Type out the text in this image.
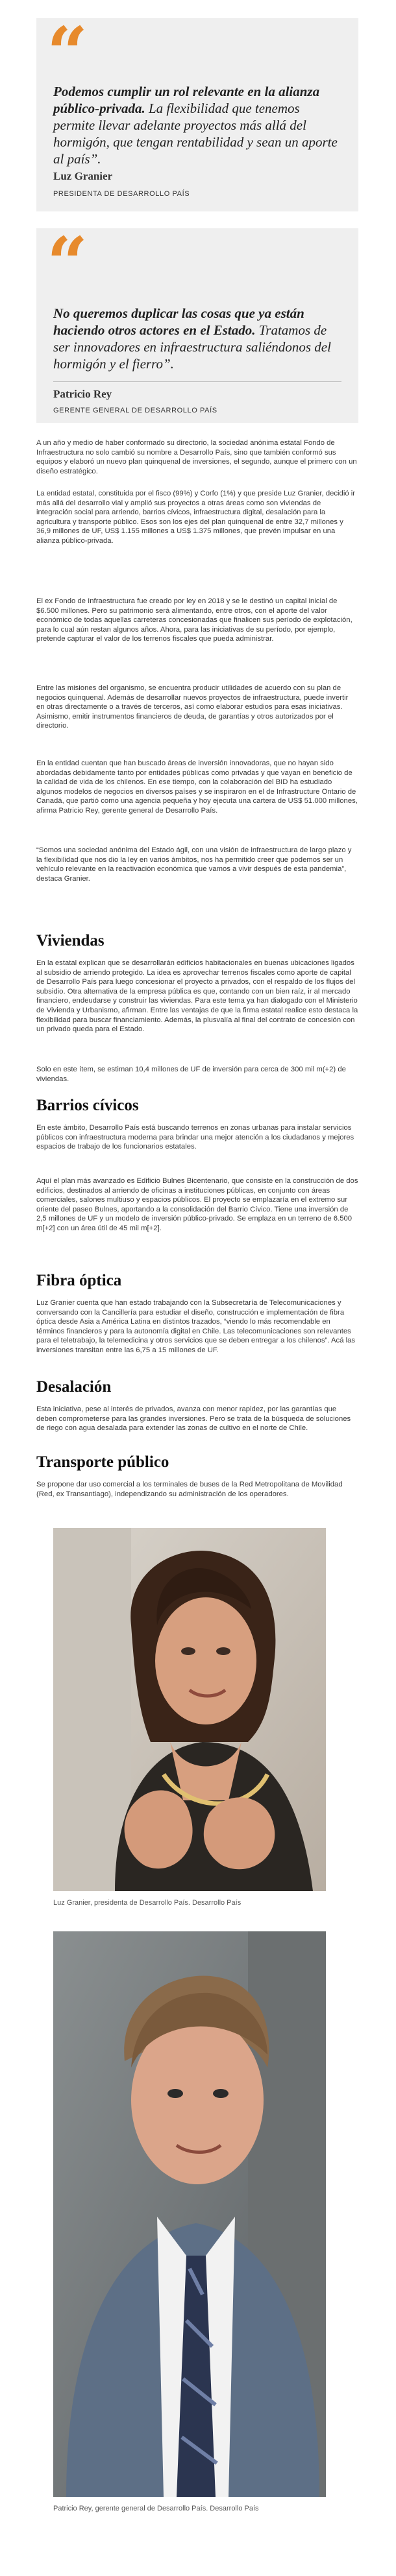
“

Podemos cumplir un rol relevante en la alianza público-privada. La flexibilidad que tenemos permite llevar adelante proyectos más allá del hormigón, que tengan rentabilidad y sean un aporte al país”.

Luz Granier

PRESIDENTA DE DESARROLLO PAÍS

“

No queremos duplicar las cosas que ya están haciendo otros actores en el Estado. Tratamos de ser innovadores en infraestructura saliéndonos del hormigón y el fierro”.

Patricio Rey

GERENTE GENERAL DE DESARROLLO PAÍS

A un año y medio de haber conformado su directorio, la sociedad anónima estatal Fondo de Infraestructura no solo cambió su nombre a Desarrollo País, sino que también conformó sus equipos y elaboró un nuevo plan quinquenal de inversiones, el segundo, aunque el primero con un diseño estratégico.

La entidad estatal, constituida por el fisco (99%) y Corfo (1%) y que preside Luz Granier, decidió ir más allá del desarrollo vial y amplió sus proyectos a otras áreas como son viviendas de integración social para arriendo, barrios cívicos, infraestructura digital, desalación para la agricultura y transporte público. Esos son los ejes del plan quinquenal de entre 32,7 millones y 36,9 millones de UF, US$ 1.155 millones a US$ 1.375 millones, que prevén impulsar en una alianza público-privada.

El ex Fondo de Infraestructura fue creado por ley en 2018 y se le destinó un capital inicial de $6.500 millones. Pero su patrimonio será alimentando, entre otros, con el aporte del valor económico de todas aquellas carreteras concesionadas que finalicen sus período de explotación, para lo cual aún restan algunos años. Ahora, para las iniciativas de su período, por ejemplo, pretende capturar el valor de los terrenos fiscales que pueda administrar.

Entre las misiones del organismo, se encuentra producir utilidades de acuerdo con su plan de negocios quinquenal. Además de desarrollar nuevos proyectos de infraestructura, puede invertir en otras directamente o a través de terceros, así como elaborar estudios para esas iniciativas. Asimismo, emitir instrumentos financieros de deuda, de garantías y otros autorizados por el directorio.

En la entidad cuentan que han buscado áreas de inversión innovadoras, que no hayan sido abordadas debidamente tanto por entidades públicas como privadas y que vayan en beneficio de la calidad de vida de los chilenos. En ese tiempo, con la colaboración del BID ha estudiado algunos modelos de negocios en diversos países y se inspiraron en el de Infrastructure Ontario de Canadá, que partió como una agencia pequeña y hoy ejecuta una cartera de US$ 51.000 millones, afirma Patricio Rey, gerente general de Desarrollo País.

“Somos una sociedad anónima del Estado ágil, con una visión de infraestructura de largo plazo y la flexibilidad que nos dio la ley en varios ámbitos, nos ha permitido creer que podemos ser un vehículo relevante en la reactivación económica que vamos a vivir después de esta pandemia”, destaca Granier.

Viviendas

En la estatal explican que se desarrollarán edificios habitacionales en buenas ubicaciones ligados al subsidio de arriendo protegido. La idea es aprovechar terrenos fiscales como aporte de capital de Desarrollo País para luego concesionar el proyecto a privados, con el respaldo de los flujos del subsidio. Otra alternativa de la empresa pública es que, contando con un bien raíz, ir al mercado financiero, endeudarse y construir las viviendas. Para este tema ya han dialogado con el Ministerio de Vivienda y Urbanismo, afirman. Entre las ventajas de que la firma estatal realice esto destaca la flexibilidad para buscar financiamiento. Además, la plusvalía al final del contrato de concesión con un privado queda para el Estado.

Solo en este ítem, se estiman 10,4 millones de UF de inversión para cerca de 300 mil m(+2) de viviendas.

Barrios cívicos

En este ámbito, Desarrollo País está buscando terrenos en zonas urbanas para instalar servicios públicos con infraestructura moderna para brindar una mejor atención a los ciudadanos y mejores espacios de trabajo de los funcionarios estatales.

Aquí el plan más avanzado es Edificio Bulnes Bicentenario, que consiste en la construcción de dos edificios, destinados al arriendo de oficinas a instituciones públicas, en conjunto con áreas comerciales, salones multiuso y espacios públicos. El proyecto se emplazaría en el extremo sur oriente del paseo Bulnes, aportando a la consolidación del Barrio Cívico. Tiene una inversión de 2,5 millones de UF y un modelo de inversión público-privado. Se emplaza en un terreno de 6.500 m[+2] con un área útil de 45 mil m[+2].

Fibra óptica

Luz Granier cuenta que han estado trabajando con la Subsecretaría de Telecomunicaciones y conversando con la Cancillería para estudiar el diseño, construcción e implementación de fibra óptica desde Asia a América Latina en distintos trazados, “viendo lo más recomendable en términos financieros y para la autonomía digital en Chile. Las telecomunicaciones son relevantes para el teletrabajo, la telemedicina y otros servicios que se deben entregar a los chilenos”. Acá las inversiones transitan entre las 6,75 a 15 millones de UF.

Desalación

Esta iniciativa, pese al interés de privados, avanza con menor rapidez, por las garantías que deben comprometerse para las grandes inversiones. Pero se trata de la búsqueda de soluciones de riego con agua desalada para extender las zonas de cultivo en el norte de Chile.

Transporte público

Se propone dar uso comercial a los terminales de buses de la Red Metropolitana de Movilidad (Red, ex Transantiago), independizando su administración de los operadores.

Luz Granier, presidenta de Desarrollo País. Desarrollo País

Patricio Rey, gerente general de Desarrollo País. Desarrollo País
